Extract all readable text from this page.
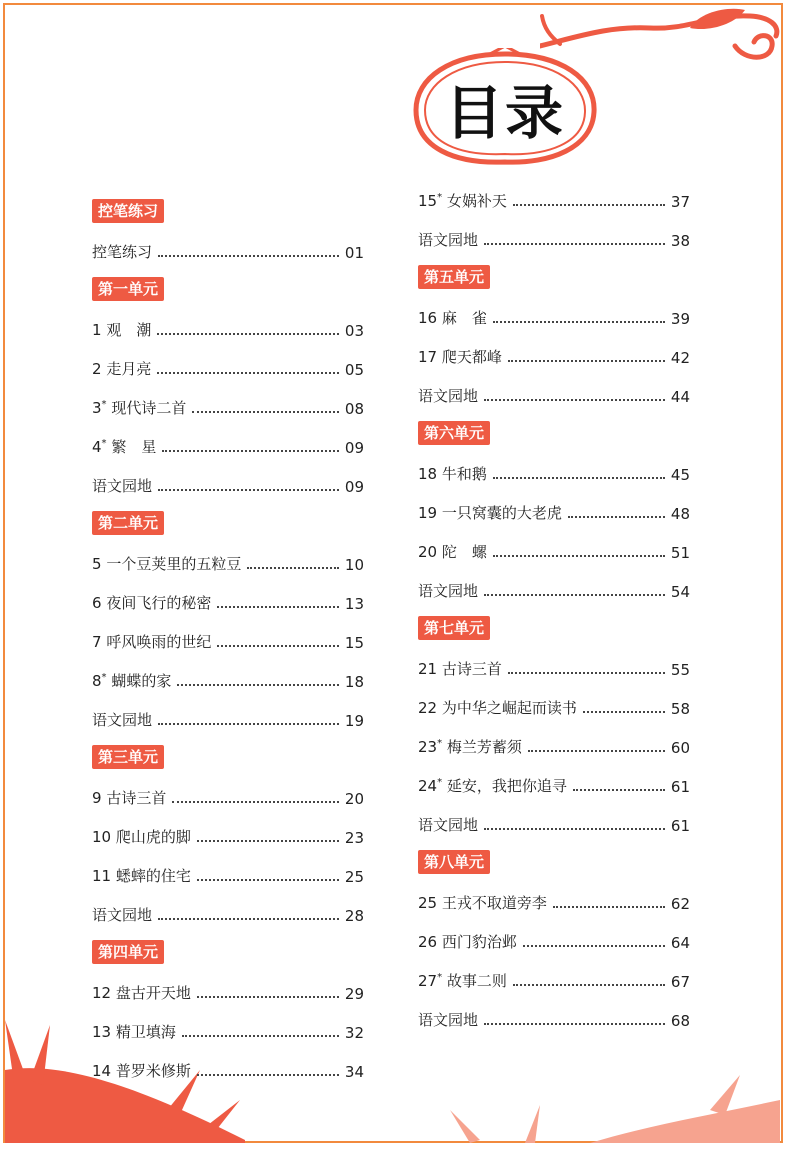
目录
控笔练习
控笔练习	01
第一单元
1 观　潮	03
2 走月亮	05
3* 现代诗二首	08
4* 繁　星	09
语文园地	09
第二单元
5 一个豆荚里的五粒豆	10
6 夜间飞行的秘密	13
7 呼风唤雨的世纪	15
8* 蝴蝶的家	18
语文园地	19
第三单元
9 古诗三首	20
10 爬山虎的脚	23
11 蟋蟀的住宅	25
语文园地	28
第四单元
12 盘古开天地	29
13 精卫填海	32
14 普罗米修斯	34
15* 女娲补天	37
语文园地	38
第五单元
16 麻　雀	39
17 爬天都峰	42
语文园地	44
第六单元
18 牛和鹅	45
19 一只窝囊的大老虎	48
20 陀　螺	51
语文园地	54
第七单元
21 古诗三首	55
22 为中华之崛起而读书	58
23* 梅兰芳蓄须	60
24* 延安，我把你追寻	61
语文园地	61
第八单元
25 王戎不取道旁李	62
26 西门豹治邺	64
27* 故事二则	67
语文园地	68
